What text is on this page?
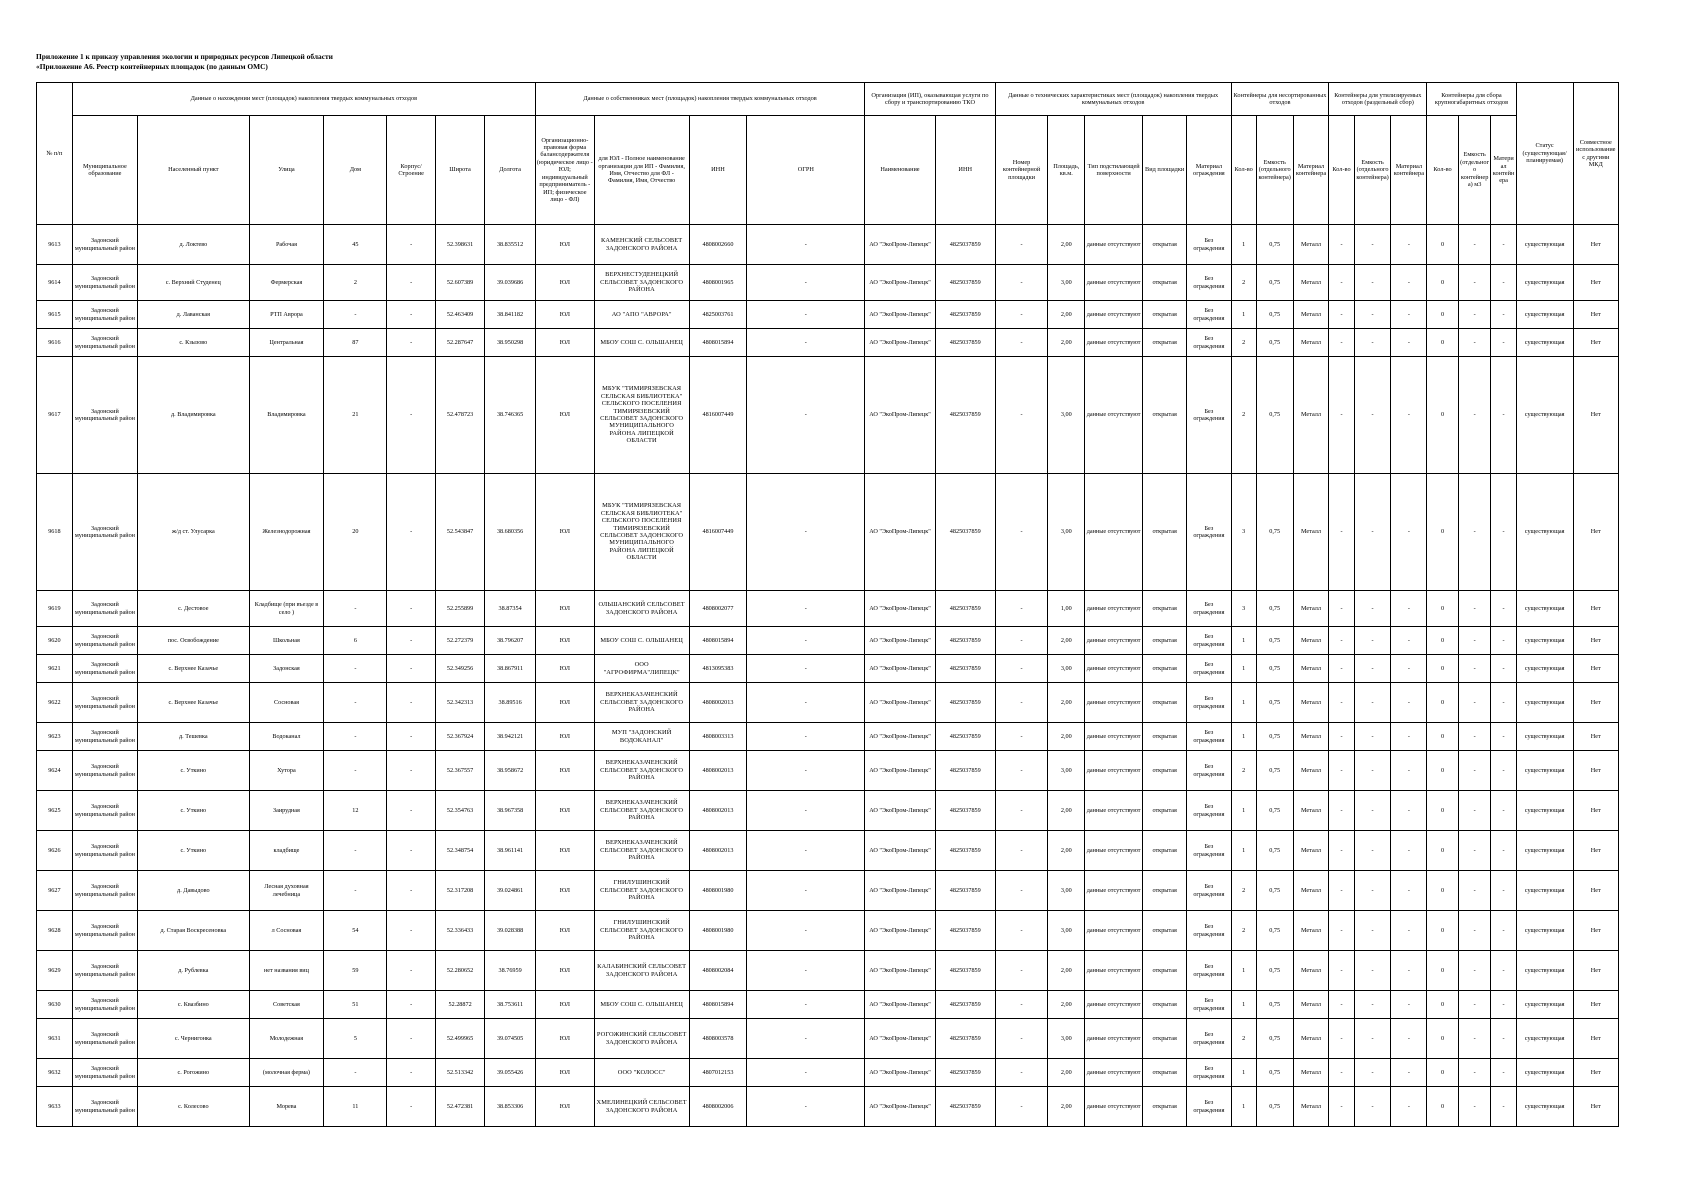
Приложение 1 к приказу управления экологии и природных ресурсов Липецкой области
«Приложение А6. Реестр контейнерных площадок (по данным ОМС)
№ п/п	Данные о нахождении мест (площадок) накопления твердых коммунальных отходов							Данные о собственниках мест (площадок) накопления твердых коммунальных отходов				Организация (ИП), оказывающая услуги по сбору и транспортированию ТКО		Данные о технических характеристиках мест (площадок) накопления твердых коммунальных отходов					Контейнеры для несортированных отходов			Контейнеры для утилизируемых отходов (раздельный сбор)			Контейнеры для сбора крупногабаритных отходов			Статус (существующая/планируемая)	Совместное использование с другими МКД
	Муниципальное образование	Населенный пункт	Улица	Дом	Корпус/Строение	Широта	Долгота	Организационно-правовая форма балансодержателя (юридическое лицо - ЮЛ; индивидуальный предприниматель - ИП; физическое лицо - ФЛ)	для ЮЛ - Полное наименование организации для ИП - Фамилия, Имя, Отчество для ФЛ - Фамилия, Имя, Отчество	ИНН	ОГРН	Наименование	ИНН	Номер контейнерной площадки	Площадь, кв.м.	Тип подстилающей поверхности	Вид площадки	Материал ограждения	Кол-во	Емкость (отдельного контейнера)	Материал контейнера	Кол-во	Емкость (отдельного контейнера)	Материал контейнера	Кол-во	Емкость (отдельного контейнера) м3	Материал контейнера		
9613	Задонский муниципальный район	д. Локтево	Рабочая	45	-	52.398631	38.835512	ЮЛ	КАМЕНСКИЙ СЕЛЬСОВЕТ ЗАДОНСКОГО РАЙОНА	4808002660	-	АО "ЭкоПром-Липецк"	4825037859	-	2,00	данные отсутствуют	открытая	Без ограждения	1	0,75	Металл	-	-	-	0	-	-	существующая	Нет
9614	Задонский муниципальный район	с. Верхний Студенец	Фермерская	2	-	52.607389	39.039686	ЮЛ	ВЕРХНЕСТУДЕНЕЦКИЙ СЕЛЬСОВЕТ ЗАДОНСКОГО РАЙОНА	4808001965	-	АО "ЭкоПром-Липецк"	4825037859	-	3,00	данные отсутствуют	открытая	Без ограждения	2	0,75	Металл	-	-	-	0	-	-	существующая	Нет
9615	Задонский муниципальный район	д. Лаванская	РТП Аврора	-	-	52.463409	38.841182	ЮЛ	АО "АПО "АВРОРА"	4825003761	-	АО "ЭкоПром-Липецк"	4825037859	-	2,00	данные отсутствуют	открытая	Без ограждения	1	0,75	Металл	-	-	-	0	-	-	существующая	Нет
9616	Задонский муниципальный район	с. Кзызово	Центральная	87	-	52.287647	38.950298	ЮЛ	МБОУ СОШ С. ОЛЬШАНЕЦ	4808015894	-	АО "ЭкоПром-Липецк"	4825037859	-	2,00	данные отсутствуют	открытая	Без ограждения	2	0,75	Металл	-	-	-	0	-	-	существующая	Нет
9617	Задонский муниципальный район	д. Владимировка	Владимировка	21	-	52.478723	38.746365	ЮЛ	МБУК "ТИМИРЯЗЕВСКАЯ СЕЛЬСКАЯ БИБЛИОТЕКА" СЕЛЬСКОГО ПОСЕЛЕНИЯ ТИМИРЯЗЕВСКИЙ СЕЛЬСОВЕТ ЗАДОНСКОГО МУНИЦИПАЛЬНОГО РАЙОНА ЛИПЕЦКОЙ ОБЛАСТИ	4816007449	-	АО "ЭкоПром-Липецк"	4825037859	-	3,00	данные отсутствуют	открытая	Без ограждения	2	0,75	Металл	-	-	-	0	-	-	существующая	Нет
9618	Задонский муниципальный район	ж/д ст. Улусарка	Железнодорожная	20	-	52.543847	38.680356	ЮЛ	МБУК "ТИМИРЯЗЕВСКАЯ СЕЛЬСКАЯ БИБЛИОТЕКА" СЕЛЬСКОГО ПОСЕЛЕНИЯ ТИМИРЯЗЕВСКИЙ СЕЛЬСОВЕТ ЗАДОНСКОГО МУНИЦИПАЛЬНОГО РАЙОНА ЛИПЕЦКОЙ ОБЛАСТИ	4816007449	-	АО "ЭкоПром-Липецк"	4825037859	-	3,00	данные отсутствуют	открытая	Без ограждения	3	0,75	Металл	-	-	-	0	-	-	существующая	Нет
9619	Задонский муниципальный район	с. Дестовое	Кладбище (при въезде в село )	-	-	52.255899	38.87354	ЮЛ	ОЛЬШАНСКИЙ СЕЛЬСОВЕТ ЗАДОНСКОГО РАЙОНА	4808002077	-	АО "ЭкоПром-Липецк"	4825037859	-	1,00	данные отсутствуют	открытая	Без ограждения	3	0,75	Металл	-	-	-	0	-	-	существующая	Нет
9620	Задонский муниципальный район	пос. Освобождение	Школьная	6	-	52.272379	38.796207	ЮЛ	МБОУ СОШ С. ОЛЬШАНЕЦ	4808015894	-	АО "ЭкоПром-Липецк"	4825037859	-	2,00	данные отсутствуют	открытая	Без ограждения	1	0,75	Металл	-	-	-	0	-	-	существующая	Нет
9621	Задонский муниципальный район	с. Верхнее Казачье	Задонская	-	-	52.349256	38.867911	ЮЛ	ООО "АГРОФИРМА"ЛИПЕЦК"	4813095383	-	АО "ЭкоПром-Липецк"	4825037859	-	3,00	данные отсутствуют	открытая	Без ограждения	1	0,75	Металл	-	-	-	0	-	-	существующая	Нет
9622	Задонский муниципальный район	с. Верхнее Казачье	Сосновая	-	-	52.342313	38.89516	ЮЛ	ВЕРХНЕКАЗАЧЕНСКИЙ СЕЛЬСОВЕТ ЗАДОНСКОГО РАЙОНА	4808002013	-	АО "ЭкоПром-Липецк"	4825037859	-	2,00	данные отсутствуют	открытая	Без ограждения	1	0,75	Металл	-	-	-	0	-	-	существующая	Нет
9623	Задонский муниципальный район	д. Тешевка	Водоканал	-	-	52.367924	38.942121	ЮЛ	МУП "ЗАДОНСКИЙ ВОДОКАНАЛ"	4808003313	-	АО "ЭкоПром-Липецк"	4825037859	-	2,00	данные отсутствуют	открытая	Без ограждения	1	0,75	Металл	-	-	-	0	-	-	существующая	Нет
9624	Задонский муниципальный район	с. Уткино	Хутора	-	-	52.367557	38.958672	ЮЛ	ВЕРХНЕКАЗАЧЕНСКИЙ СЕЛЬСОВЕТ ЗАДОНСКОГО РАЙОНА	4808002013	-	АО "ЭкоПром-Липецк"	4825037859	-	3,00	данные отсутствуют	открытая	Без ограждения	2	0,75	Металл	-	-	-	0	-	-	существующая	Нет
9625	Задонский муниципальный район	с. Уткино	Заирудная	12	-	52.354763	38.967358	ЮЛ	ВЕРХНЕКАЗАЧЕНСКИЙ СЕЛЬСОВЕТ ЗАДОНСКОГО РАЙОНА	4808002013	-	АО "ЭкоПром-Липецк"	4825037859	-	2,00	данные отсутствуют	открытая	Без ограждения	1	0,75	Металл	-	-	-	0	-	-	существующая	Нет
9626	Задонский муниципальный район	с. Уткино	кладбище	-	-	52.348754	38.961141	ЮЛ	ВЕРХНЕКАЗАЧЕНСКИЙ СЕЛЬСОВЕТ ЗАДОНСКОГО РАЙОНА	4808002013	-	АО "ЭкоПром-Липецк"	4825037859	-	2,00	данные отсутствуют	открытая	Без ограждения	1	0,75	Металл	-	-	-	0	-	-	существующая	Нет
9627	Задонский муниципальный район	д. Давыдово	Лесная духовная лечебница	-	-	52.317208	39.024861	ЮЛ	ГНИЛУШИНСКИЙ СЕЛЬСОВЕТ ЗАДОНСКОГО РАЙОНА	4808001980	-	АО "ЭкоПром-Липецк"	4825037859	-	3,00	данные отсутствуют	открытая	Без ограждения	2	0,75	Металл	-	-	-	0	-	-	существующая	Нет
9628	Задонский муниципальный район	д. Старая Воскресеновка	л Сосновая	54	-	52.336433	39.028388	ЮЛ	ГНИЛУШИНСКИЙ СЕЛЬСОВЕТ ЗАДОНСКОГО РАЙОНА	4808001980	-	АО "ЭкоПром-Липецк"	4825037859	-	3,00	данные отсутствуют	открытая	Без ограждения	2	0,75	Металл	-	-	-	0	-	-	существующая	Нет
9629	Задонский муниципальный район	д. Рублевка	нет названия виц	59	-	52.280652	38.76959	ЮЛ	КАЛАБИНСКИЙ СЕЛЬСОВЕТ ЗАДОНСКОГО РАЙОНА	4808002084	-	АО "ЭкоПром-Липецк"	4825037859	-	2,00	данные отсутствуют	открытая	Без ограждения	1	0,75	Металл	-	-	-	0	-	-	существующая	Нет
9630	Задонский муниципальный район	с. Квазбино	Советская	51	-	52.28872	38.753611	ЮЛ	МБОУ СОШ С. ОЛЬШАНЕЦ	4808015894	-	АО "ЭкоПром-Липецк"	4825037859	-	2,00	данные отсутствуют	открытая	Без ограждения	1	0,75	Металл	-	-	-	0	-	-	существующая	Нет
9631	Задонский муниципальный район	с. Чернигонка	Молодежная	5	-	52.499965	39.074505	ЮЛ	РОГОЖИНСКИЙ СЕЛЬСОВЕТ ЗАДОНСКОГО РАЙОНА	4808003578	-	АО "ЭкоПром-Липецк"	4825037859	-	3,00	данные отсутствуют	открытая	Без ограждения	2	0,75	Металл	-	-	-	0	-	-	существующая	Нет
9632	Задонский муниципальный район	с. Рогожино	(молочная ферма)	-	-	52.513342	39.055426	ЮЛ	ООО "КОЛОСС"	4807012153	-	АО "ЭкоПром-Липецк"	4825037859	-	2,00	данные отсутствуют	открытая	Без ограждения	1	0,75	Металл	-	-	-	0	-	-	существующая	Нет
9633	Задонский муниципальный район	с. Колесово	Морева	11	-	52.472381	38.853306	ЮЛ	ХМЕЛИНЕЦКИЙ СЕЛЬСОВЕТ ЗАДОНСКОГО РАЙОНА	4808002006	-	АО "ЭкоПром-Липецк"	4825037859	-	2,00	данные отсутствуют	открытая	Без ограждения	1	0,75	Металл	-	-	-	0	-	-	существующая	Нет
